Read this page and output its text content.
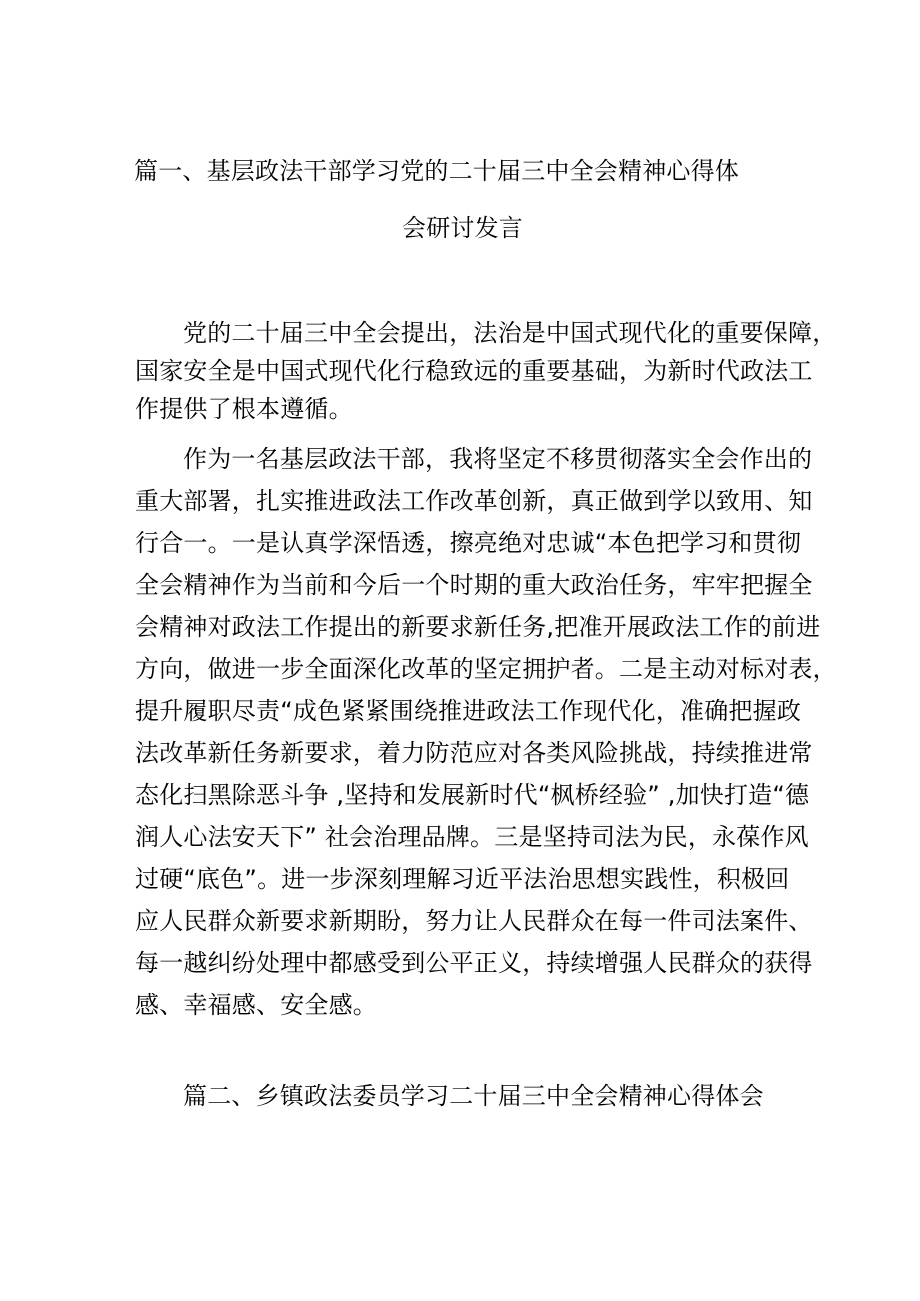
篇一、基层政法干部学习党的二十届三中全会精神心得体
会研讨发言
党的二十届三中全会提出，法治是中国式现代化的重要保障，
国家安全是中国式现代化行稳致远的重要基础，为新时代政法工
作提供了根本遵循。
作为一名基层政法干部，我将坚定不移贯彻落实全会作出的
重大部署，扎实推进政法工作改革创新，真正做到学以致用、知
行合一。一是认真学深悟透，擦亮绝对忠诚“本色把学习和贯彻
全会精神作为当前和今后一个时期的重大政治任务，牢牢把握全
会精神对政法工作提出的新要求新任务,把准开展政法工作的前进
方向，做进一步全面深化改革的坚定拥护者。二是主动对标对表，
提升履职尽责“成色紧紧围绕推进政法工作现代化，准确把握政
法改革新任务新要求，着力防范应对各类风险挑战，持续推进常
态化扫黑除恶斗争 ,坚持和发展新时代“枫桥经验” ,加快打造“德
润人心法安天下” 社会治理品牌。三是坚持司法为民，永葆作风
过硬“底色”。进一步深刻理解习近平法治思想实践性，积极回
应人民群众新要求新期盼，努力让人民群众在每一件司法案件、
每一越纠纷处理中都感受到公平正义，持续增强人民群众的获得
感、幸福感、安全感。
篇二、乡镇政法委员学习二十届三中全会精神心得体会
